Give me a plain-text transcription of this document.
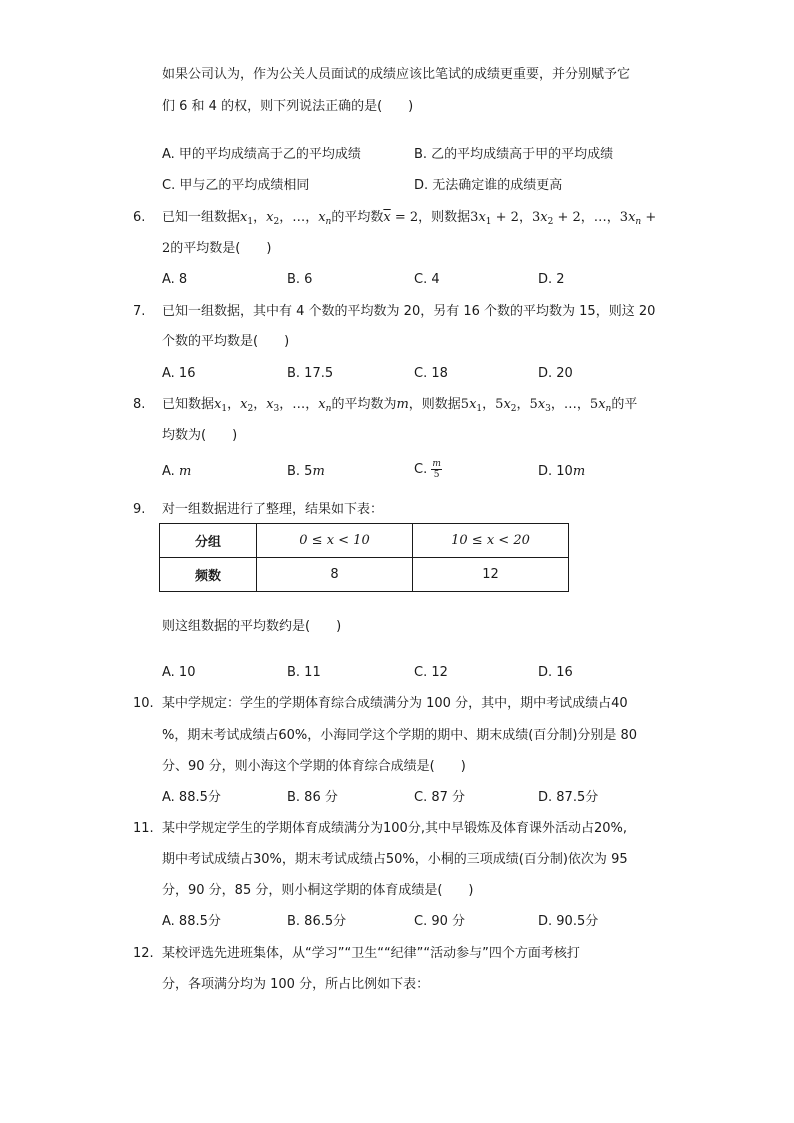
如果公司认为，作为公关人员面试的成绩应该比笔试的成绩更重要，并分别赋予它
们 6 和 4 的权，则下列说法正确的是(　　)
A. 甲的平均成绩高于乙的平均成绩	B. 乙的平均成绩高于甲的平均成绩
C. 甲与乙的平均成绩相同	D. 无法确定谁的成绩更高
6. 已知一组数据$x_1$，$x_2$，…，$x_n$的平均数$\overline{x} = 2$，则数据$3x_1 + 2$，$3x_2 + 2$，…，$3x_n$ +
2的平均数是(　　)
A. 8	B. 6	C. 4	D. 2
7. 已知一组数据，其中有 4 个数的平均数为 20，另有 16 个数的平均数为 15，则这 20
个数的平均数是(　　)
A. 16	B. 17.5	C. 18	D. 20
8. 已知数据$x_1$，$x_2$，$x_3$，…，$x_n$的平均数为m，则数据$5x_1$，$5x_2$，$5x_3$，…，$5x_n$的平
均数为(　　)
A. m	B. 5m	C. $\frac{m}{5}$	D. 10m
9. 对一组数据进行了整理，结果如下表：
分组	0 ≤ x < 10	10 ≤ x < 20
频数	8	12
则这组数据的平均数约是(　　)
A. 10	B. 11	C. 12	D. 16
10. 某中学规定：学生的学期体育综合成绩满分为 100 分，其中，期中考试成绩占40
%，期末考试成绩占60%，小海同学这个学期的期中、期末成绩(百分制)分别是 80
分、90 分，则小海这个学期的体育综合成绩是(　　)
A. 88.5分	B. 86 分	C. 87 分	D. 87.5分
11. 某中学规定学生的学期体育成绩满分为100分,其中早锻炼及体育课外活动占20%,
期中考试成绩占30%，期末考试成绩占50%，小桐的三项成绩(百分制)依次为 95
分，90 分，85 分，则小桐这学期的体育成绩是(　　)
A. 88.5分	B. 86.5分	C. 90 分	D. 90.5分
12. 某校评选先进班集体，从“学习”“卫生““纪律”“活动参与”四个方面考核打
分，各项满分均为 100 分，所占比例如下表：
